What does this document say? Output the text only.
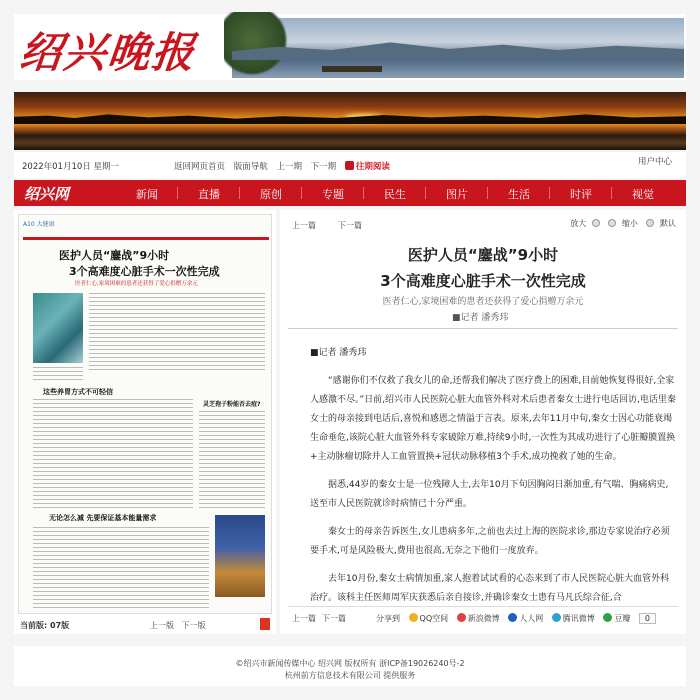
绍兴晚报
2022年01月10日 星期一	返回网页首页 版面导航 上一期 下一期 往期阅读	用户中心
绍兴网	新闻	直播	原创	专题	民生	图片	生活	时评	视觉
A10 大健康
医护人员“鏖战”9小时
3个高难度心脏手术一次性完成
医者仁心,家境困难的患者还获得了爱心捐赠万余元
这些养胃方式不可轻信
灵芝孢子粉能否去痘?
无论怎么减 先要保证基本能量需求
当前版: 07版	上一版 下一版
上一篇	下一篇	放大	缩小	默认
医护人员“鏖战”9小时
3个高难度心脏手术一次性完成
医者仁心,家境困难的患者还获得了爱心捐赠万余元
■记者 潘秀玮

■记者 潘秀玮

“感谢你们不仅救了我女儿的命,还帮我们解决了医疗费上的困难,目前她恢复得很好,全家人感激不尽。”日前,绍兴市人民医院心脏大血管外科对术后患者秦女士进行电话回访,电话里秦女士的母亲接到电话后,喜悦和感恩之情溢于言表。原来,去年11月中旬,秦女士因心功能衰竭生命垂危,该院心脏大血管外科专家破除万难,持续9小时,一次性为其成功进行了心脏瓣膜置换+主动脉瘤切除并人工血管置换+冠状动脉移植3个手术,成功挽救了她的生命。

据悉,44岁的秦女士是一位残障人士,去年10月下旬因胸闷日渐加重,有气喘、胸痛病史,送至市人民医院就诊时病情已十分严重。

秦女士的母亲告诉医生,女儿患病多年,之前也去过上海的医院求诊,那边专家说治疗必须要手术,可是风险极大,费用也很高,无奈之下他们一度放弃。

去年10月份,秦女士病情加重,家人抱着试试看的心态来到了市人民医院心脏大血管外科治疗。该科主任医师周军庆获悉后亲自接诊,并确诊秦女士患有马凡氏综合征,合

上一篇 下一篇	分享到 QQ空间 新浪微博 人人网 腾讯微博 豆瓣 0
©绍兴市新闻传媒中心 绍兴网 版权所有 浙ICP备19026240号-2
杭州前方信息技术有限公司 提供服务
